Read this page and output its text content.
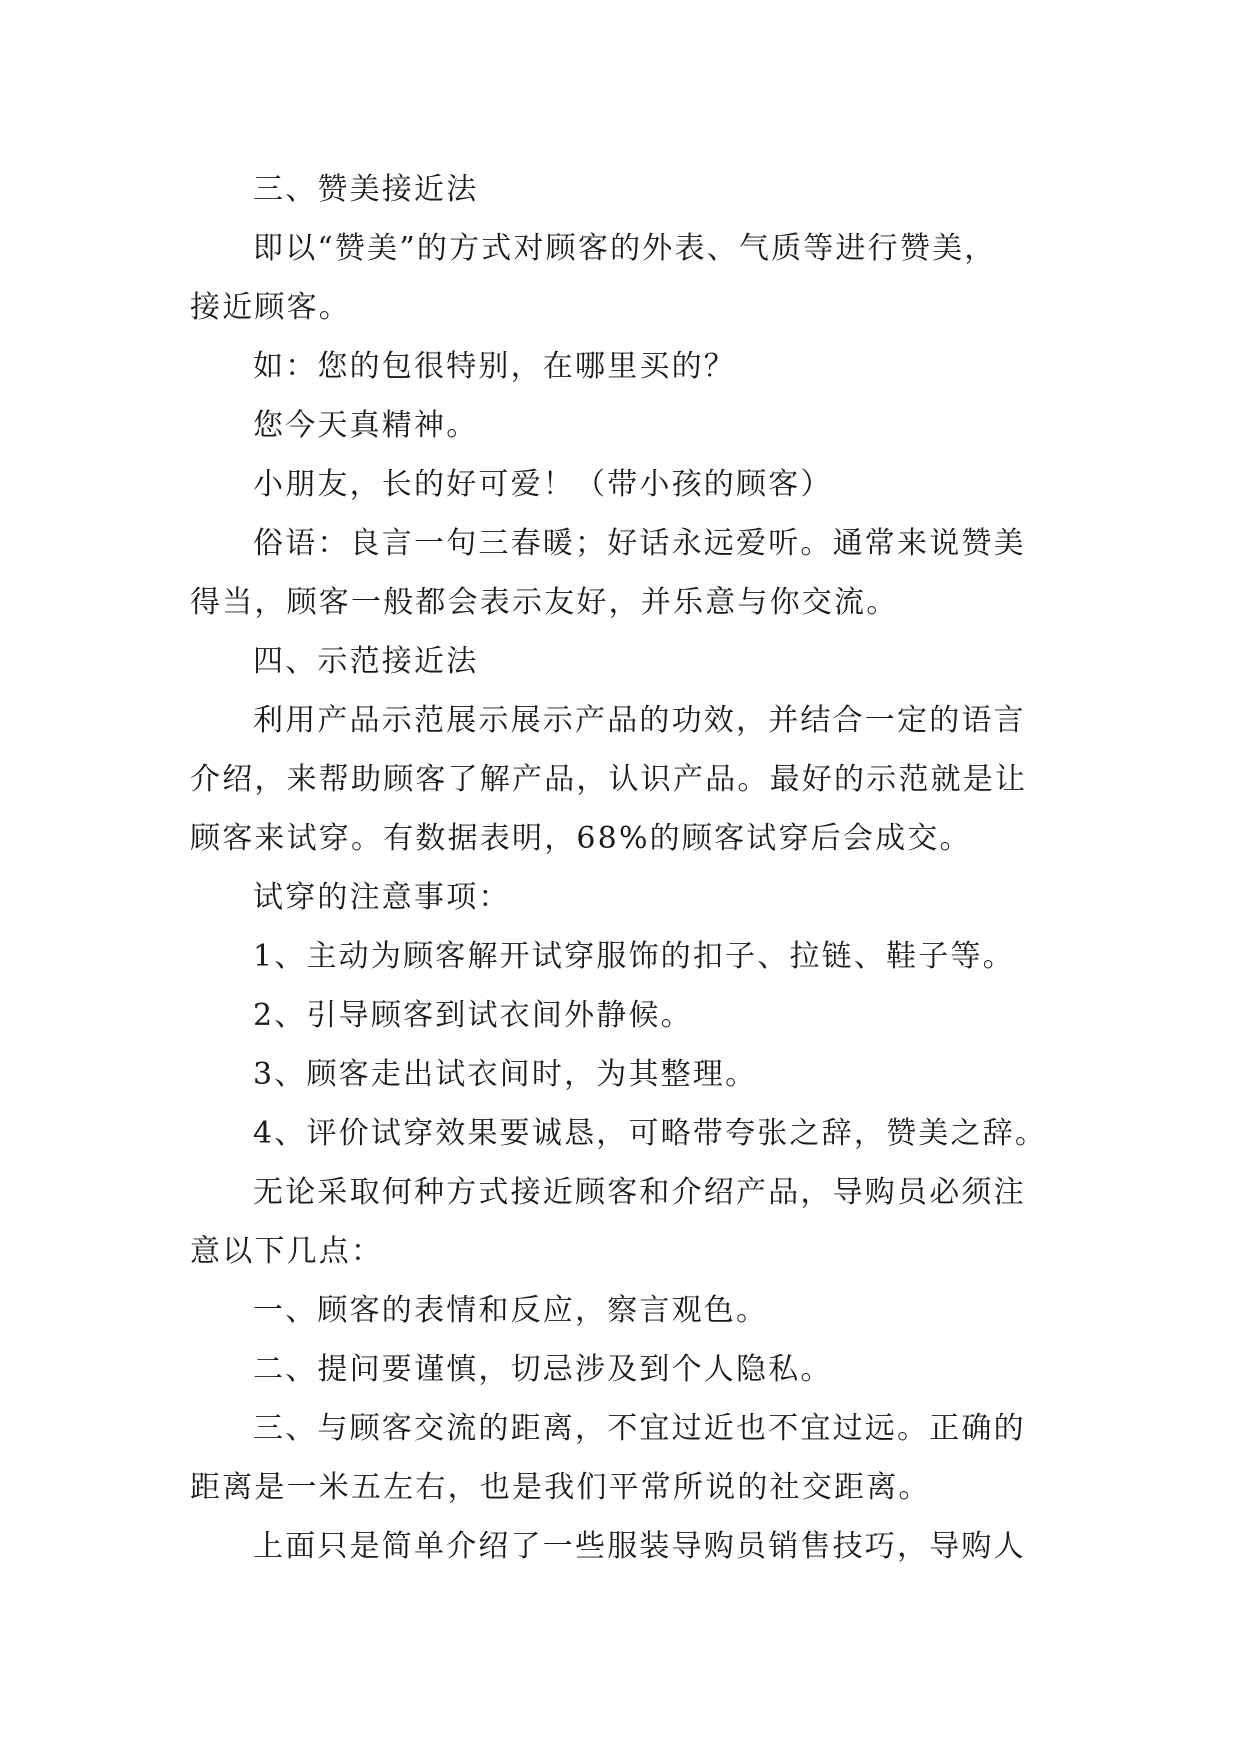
三、赞美接近法
即以“赞美”的方式对顾客的外表、气质等进行赞美，
接近顾客。
如：您的包很特别，在哪里买的？
您今天真精神。
小朋友，长的好可爱！（带小孩的顾客）
俗语：良言一句三春暖；好话永远爱听。通常来说赞美
得当，顾客一般都会表示友好，并乐意与你交流。
四、示范接近法
利用产品示范展示展示产品的功效，并结合一定的语言
介绍，来帮助顾客了解产品，认识产品。最好的示范就是让
顾客来试穿。有数据表明，68%的顾客试穿后会成交。
试穿的注意事项：
1、主动为顾客解开试穿服饰的扣子、拉链、鞋子等。
2、引导顾客到试衣间外静候。
3、顾客走出试衣间时，为其整理。
4、评价试穿效果要诚恳，可略带夸张之辞，赞美之辞。
无论采取何种方式接近顾客和介绍产品，导购员必须注
意以下几点：
一、顾客的表情和反应，察言观色。
二、提问要谨慎，切忌涉及到个人隐私。
三、与顾客交流的距离，不宜过近也不宜过远。正确的
距离是一米五左右，也是我们平常所说的社交距离。
上面只是简单介绍了一些服装导购员销售技巧，导购人
